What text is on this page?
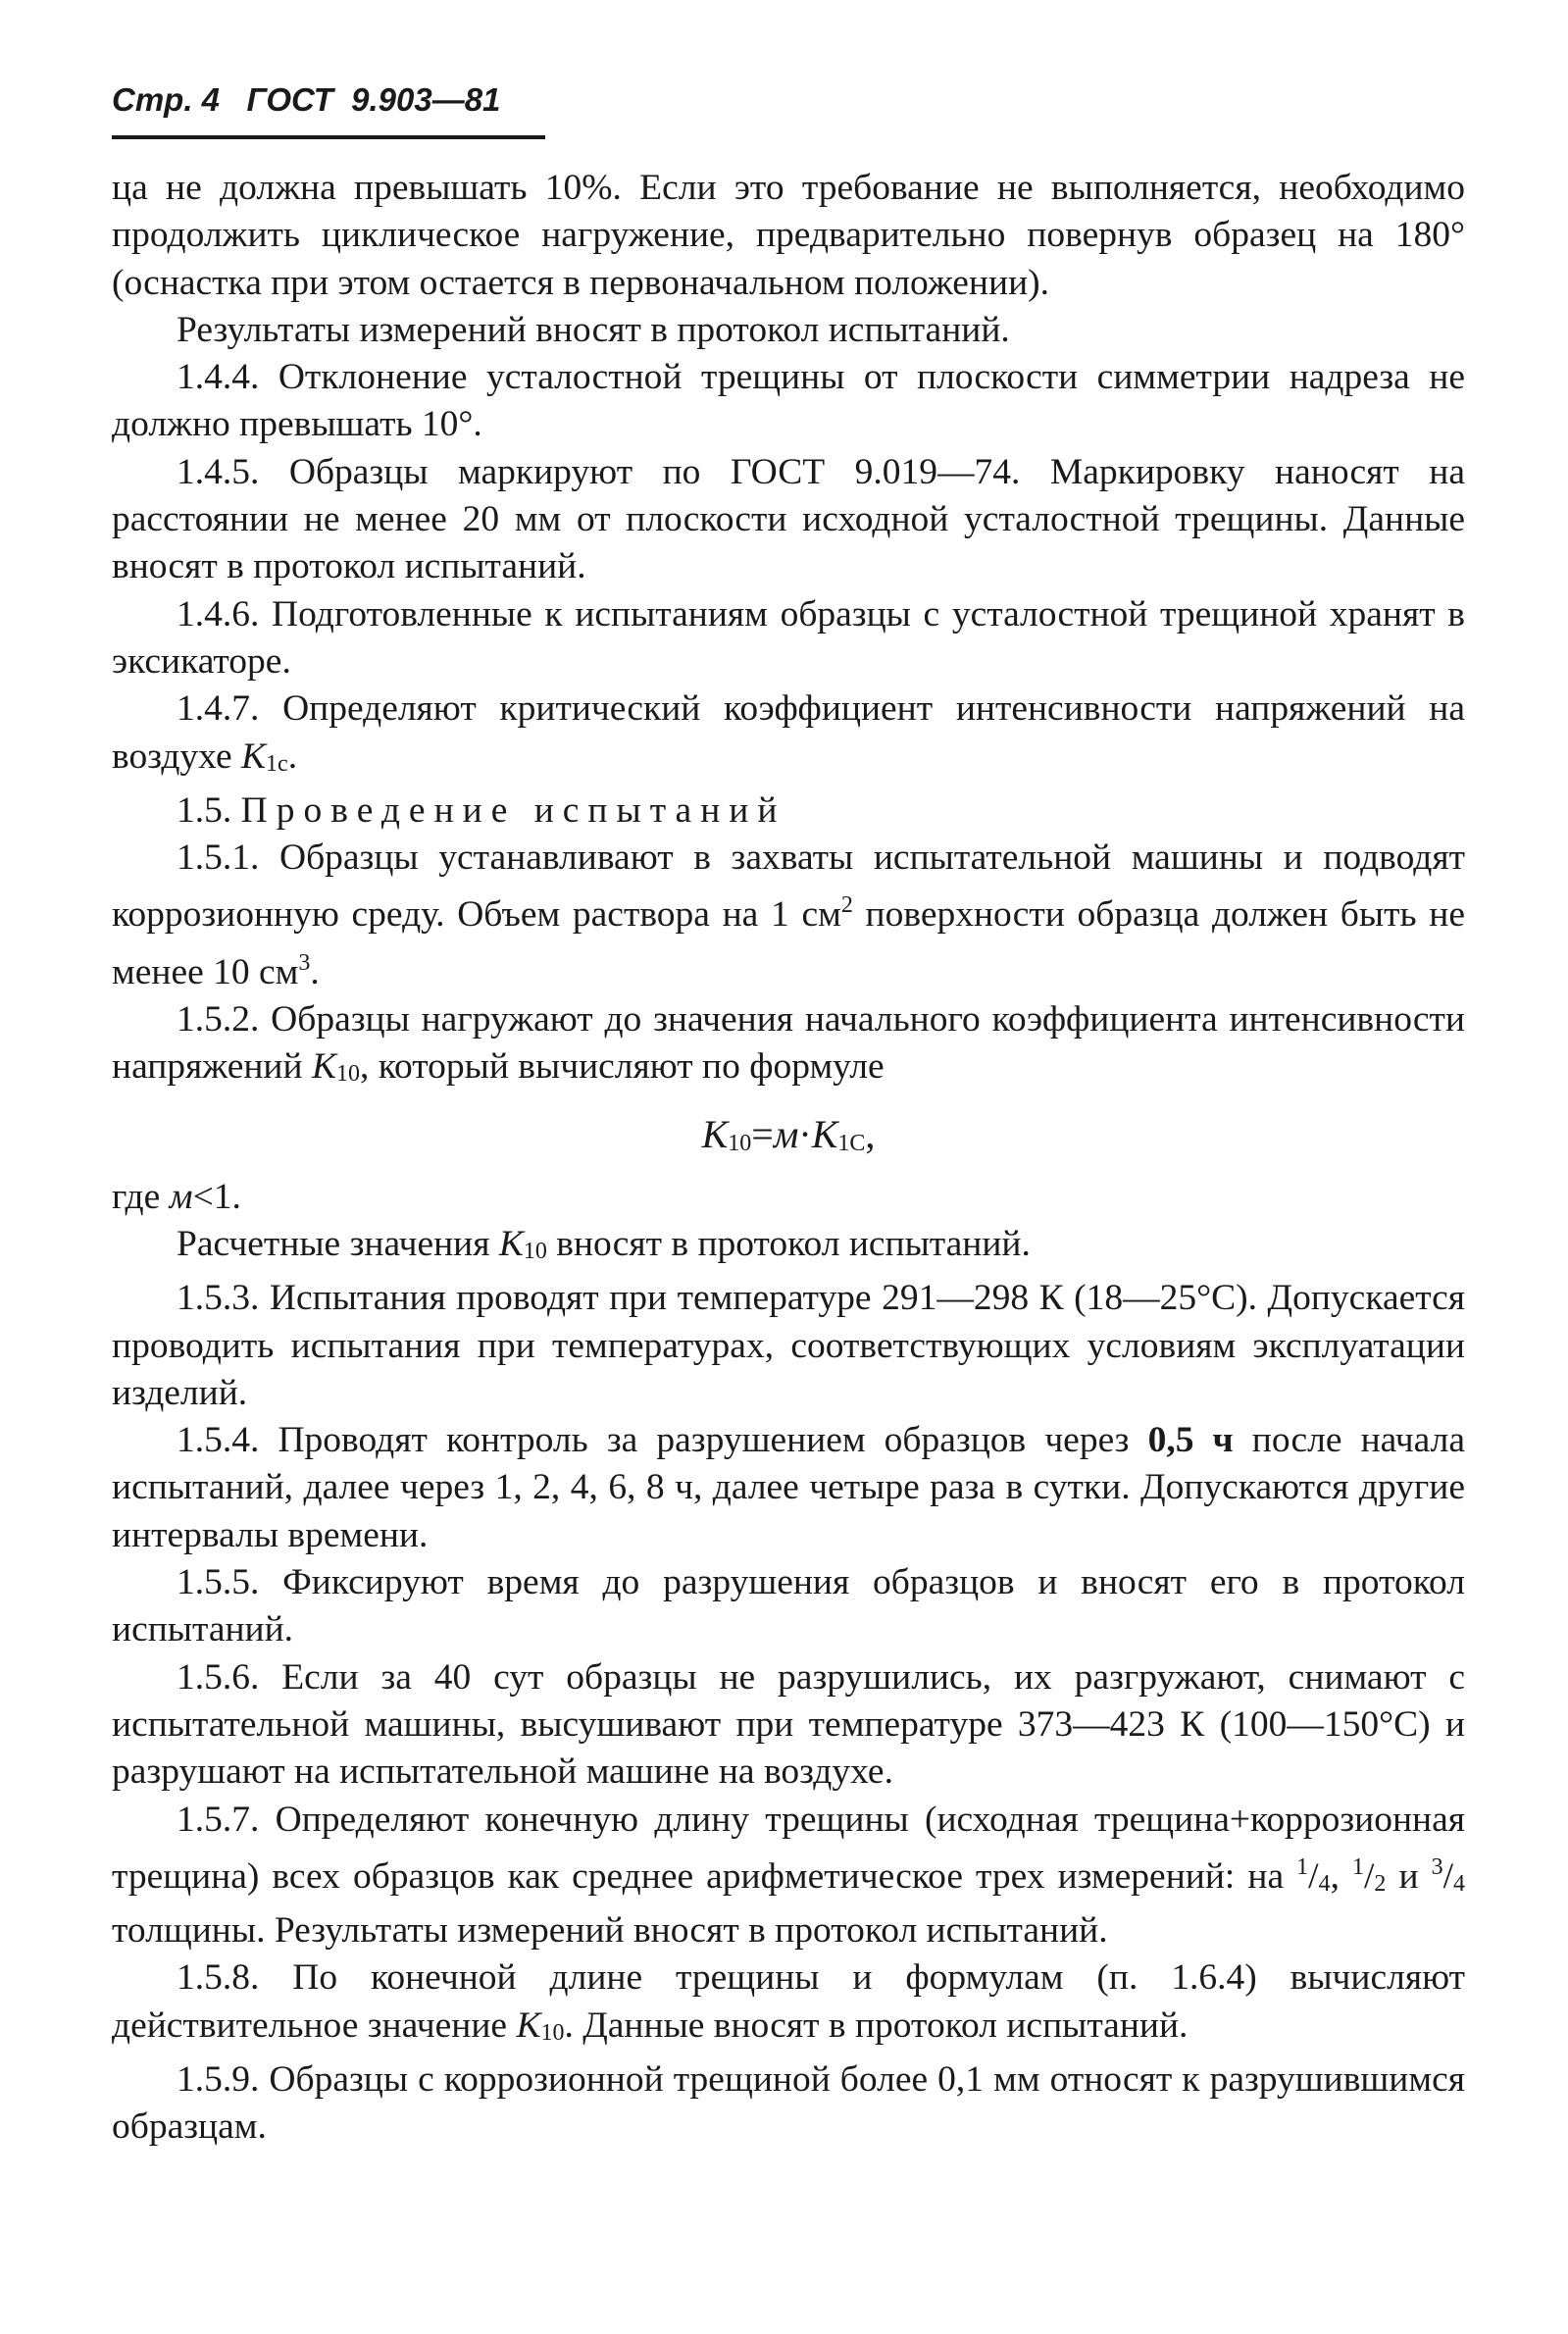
Стр. 4 ГОСТ 9.903—81

ца не должна превышать 10%. Если это требование не выполняется, необходимо продолжить циклическое нагружение, предварительно повернув образец на 180° (оснастка при этом остается в первоначальном положении).

Результаты измерений вносят в протокол испытаний.

1.4.4. Отклонение усталостной трещины от плоскости симметрии надреза не должно превышать 10°.

1.4.5. Образцы маркируют по ГОСТ 9.019—74. Маркировку наносят на расстоянии не менее 20 мм от плоскости исходной усталостной трещины. Данные вносят в протокол испытаний.

1.4.6. Подготовленные к испытаниям образцы с усталостной трещиной хранят в эксикаторе.

1.4.7. Определяют критический коэффициент интенсивности напряжений на воздухе K1c.

1.5. Проведение испытаний

1.5.1. Образцы устанавливают в захваты испытательной машины и подводят коррозионную среду. Объем раствора на 1 $см^2$ поверхности образца должен быть не менее 10 $см^3$.

1.5.2. Образцы нагружают до значения начального коэффициента интенсивности напряжений K10, который вычисляют по формуле

K10=м·K1C,

где м<1.

Расчетные значения K10 вносят в протокол испытаний.

1.5.3. Испытания проводят при температуре 291—298 К (18—25°С). Допускается проводить испытания при температурах, соответствующих условиям эксплуатации изделий.

1.5.4. Проводят контроль за разрушением образцов через 0,5 ч после начала испытаний, далее через 1, 2, 4, 6, 8 ч, далее четыре раза в сутки. Допускаются другие интервалы времени.

1.5.5. Фиксируют время до разрушения образцов и вносят его в протокол испытаний.

1.5.6. Если за 40 сут образцы не разрушились, их разгружают, снимают с испытательной машины, высушивают при температуре 373—423 К (100—150°С) и разрушают на испытательной машине на воздухе.

1.5.7. Определяют конечную длину трещины (исходная трещина+коррозионная трещина) всех образцов как среднее арифметическое трех измерений: на $^1$/4, $^1$/2 и $^3$/4 толщины. Результаты измерений вносят в протокол испытаний.

1.5.8. По конечной длине трещины и формулам (п. 1.6.4) вычисляют действительное значение K10. Данные вносят в протокол испытаний.

1.5.9. Образцы с коррозионной трещиной более 0,1 мм относят к разрушившимся образцам.
